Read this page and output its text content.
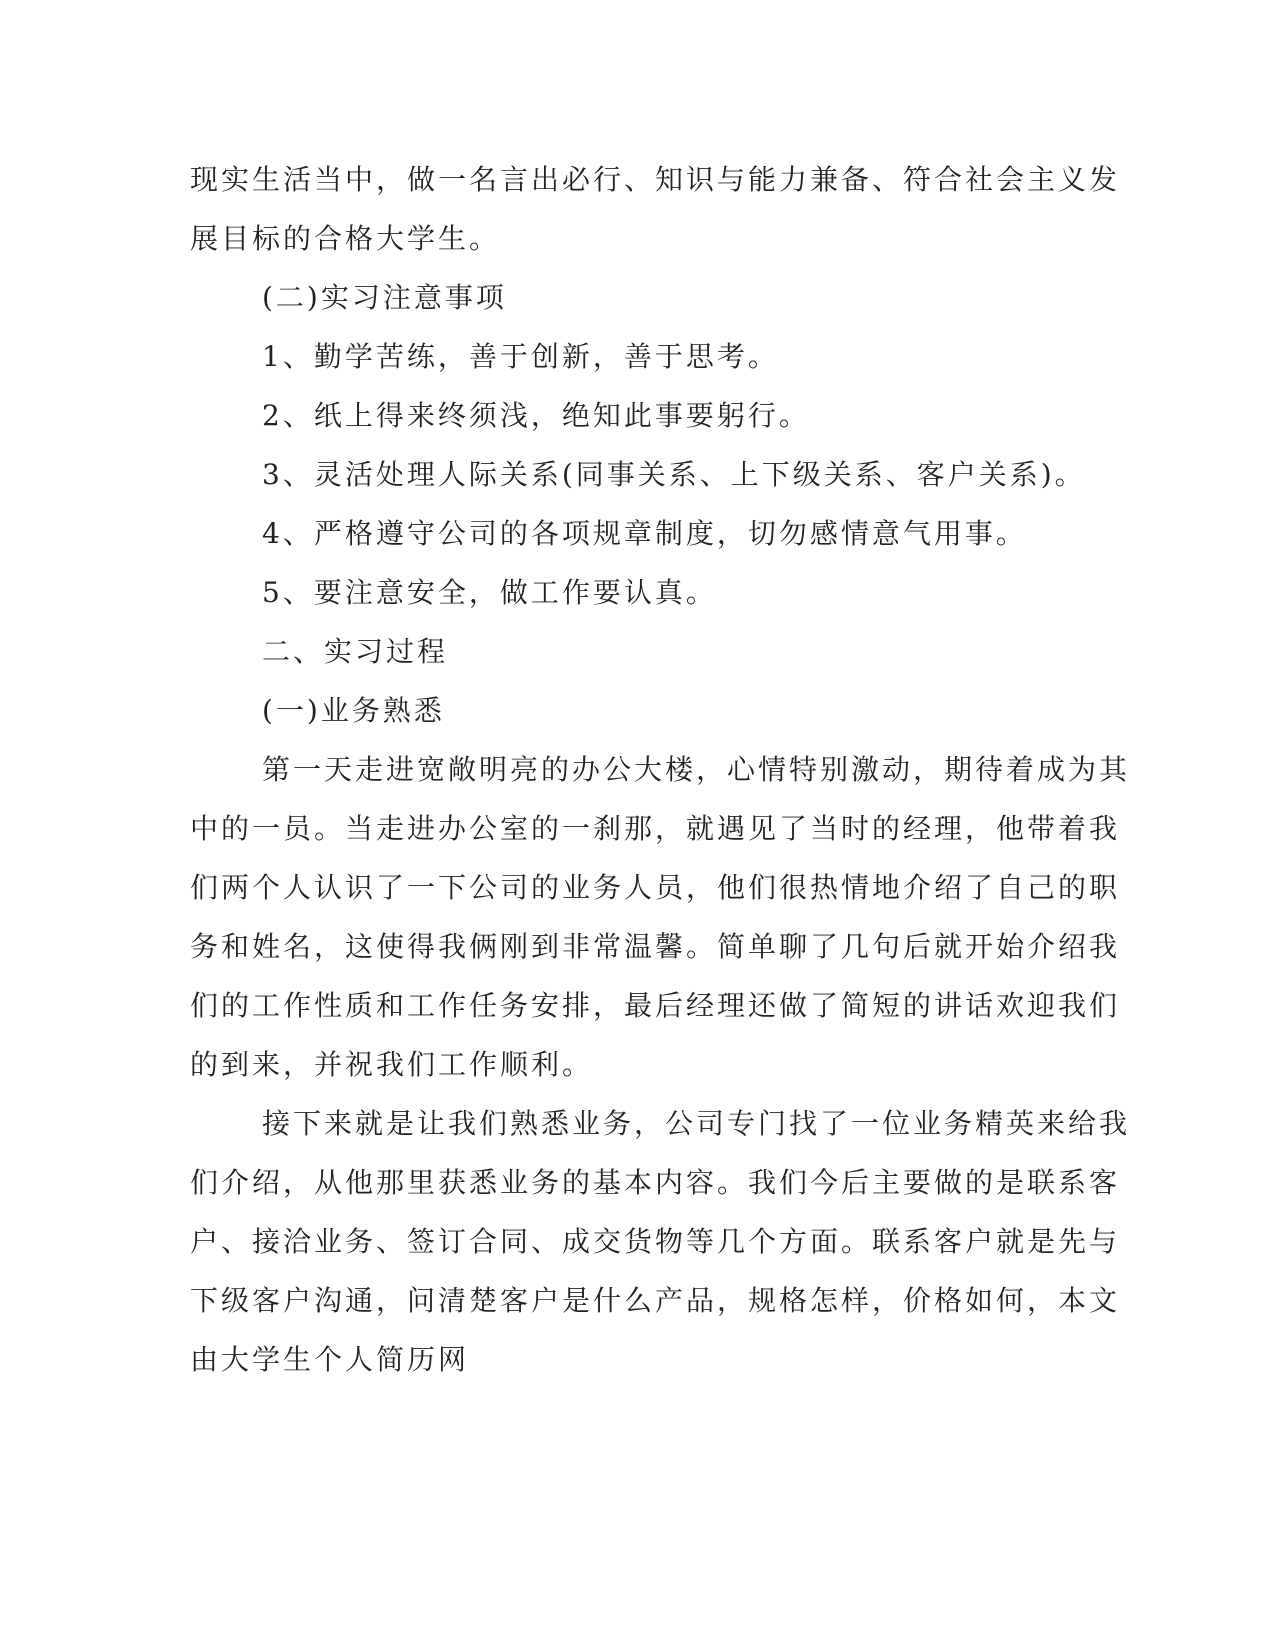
现实生活当中，做一名言出必行、知识与能力兼备、符合社会主义发
展目标的合格大学生。
(二)实习注意事项
1、勤学苦练，善于创新，善于思考。
2、纸上得来终须浅，绝知此事要躬行。
3、灵活处理人际关系(同事关系、上下级关系、客户关系)。
4、严格遵守公司的各项规章制度，切勿感情意气用事。
5、要注意安全，做工作要认真。
二、实习过程
(一)业务熟悉
第一天走进宽敞明亮的办公大楼，心情特别激动，期待着成为其
中的一员。当走进办公室的一刹那，就遇见了当时的经理，他带着我
们两个人认识了一下公司的业务人员，他们很热情地介绍了自己的职
务和姓名，这使得我俩刚到非常温馨。简单聊了几句后就开始介绍我
们的工作性质和工作任务安排，最后经理还做了简短的讲话欢迎我们
的到来，并祝我们工作顺利。
接下来就是让我们熟悉业务，公司专门找了一位业务精英来给我
们介绍，从他那里获悉业务的基本内容。我们今后主要做的是联系客
户、接洽业务、签订合同、成交货物等几个方面。联系客户就是先与
下级客户沟通，问清楚客户是什么产品，规格怎样，价格如何，本文
由大学生个人简历网
